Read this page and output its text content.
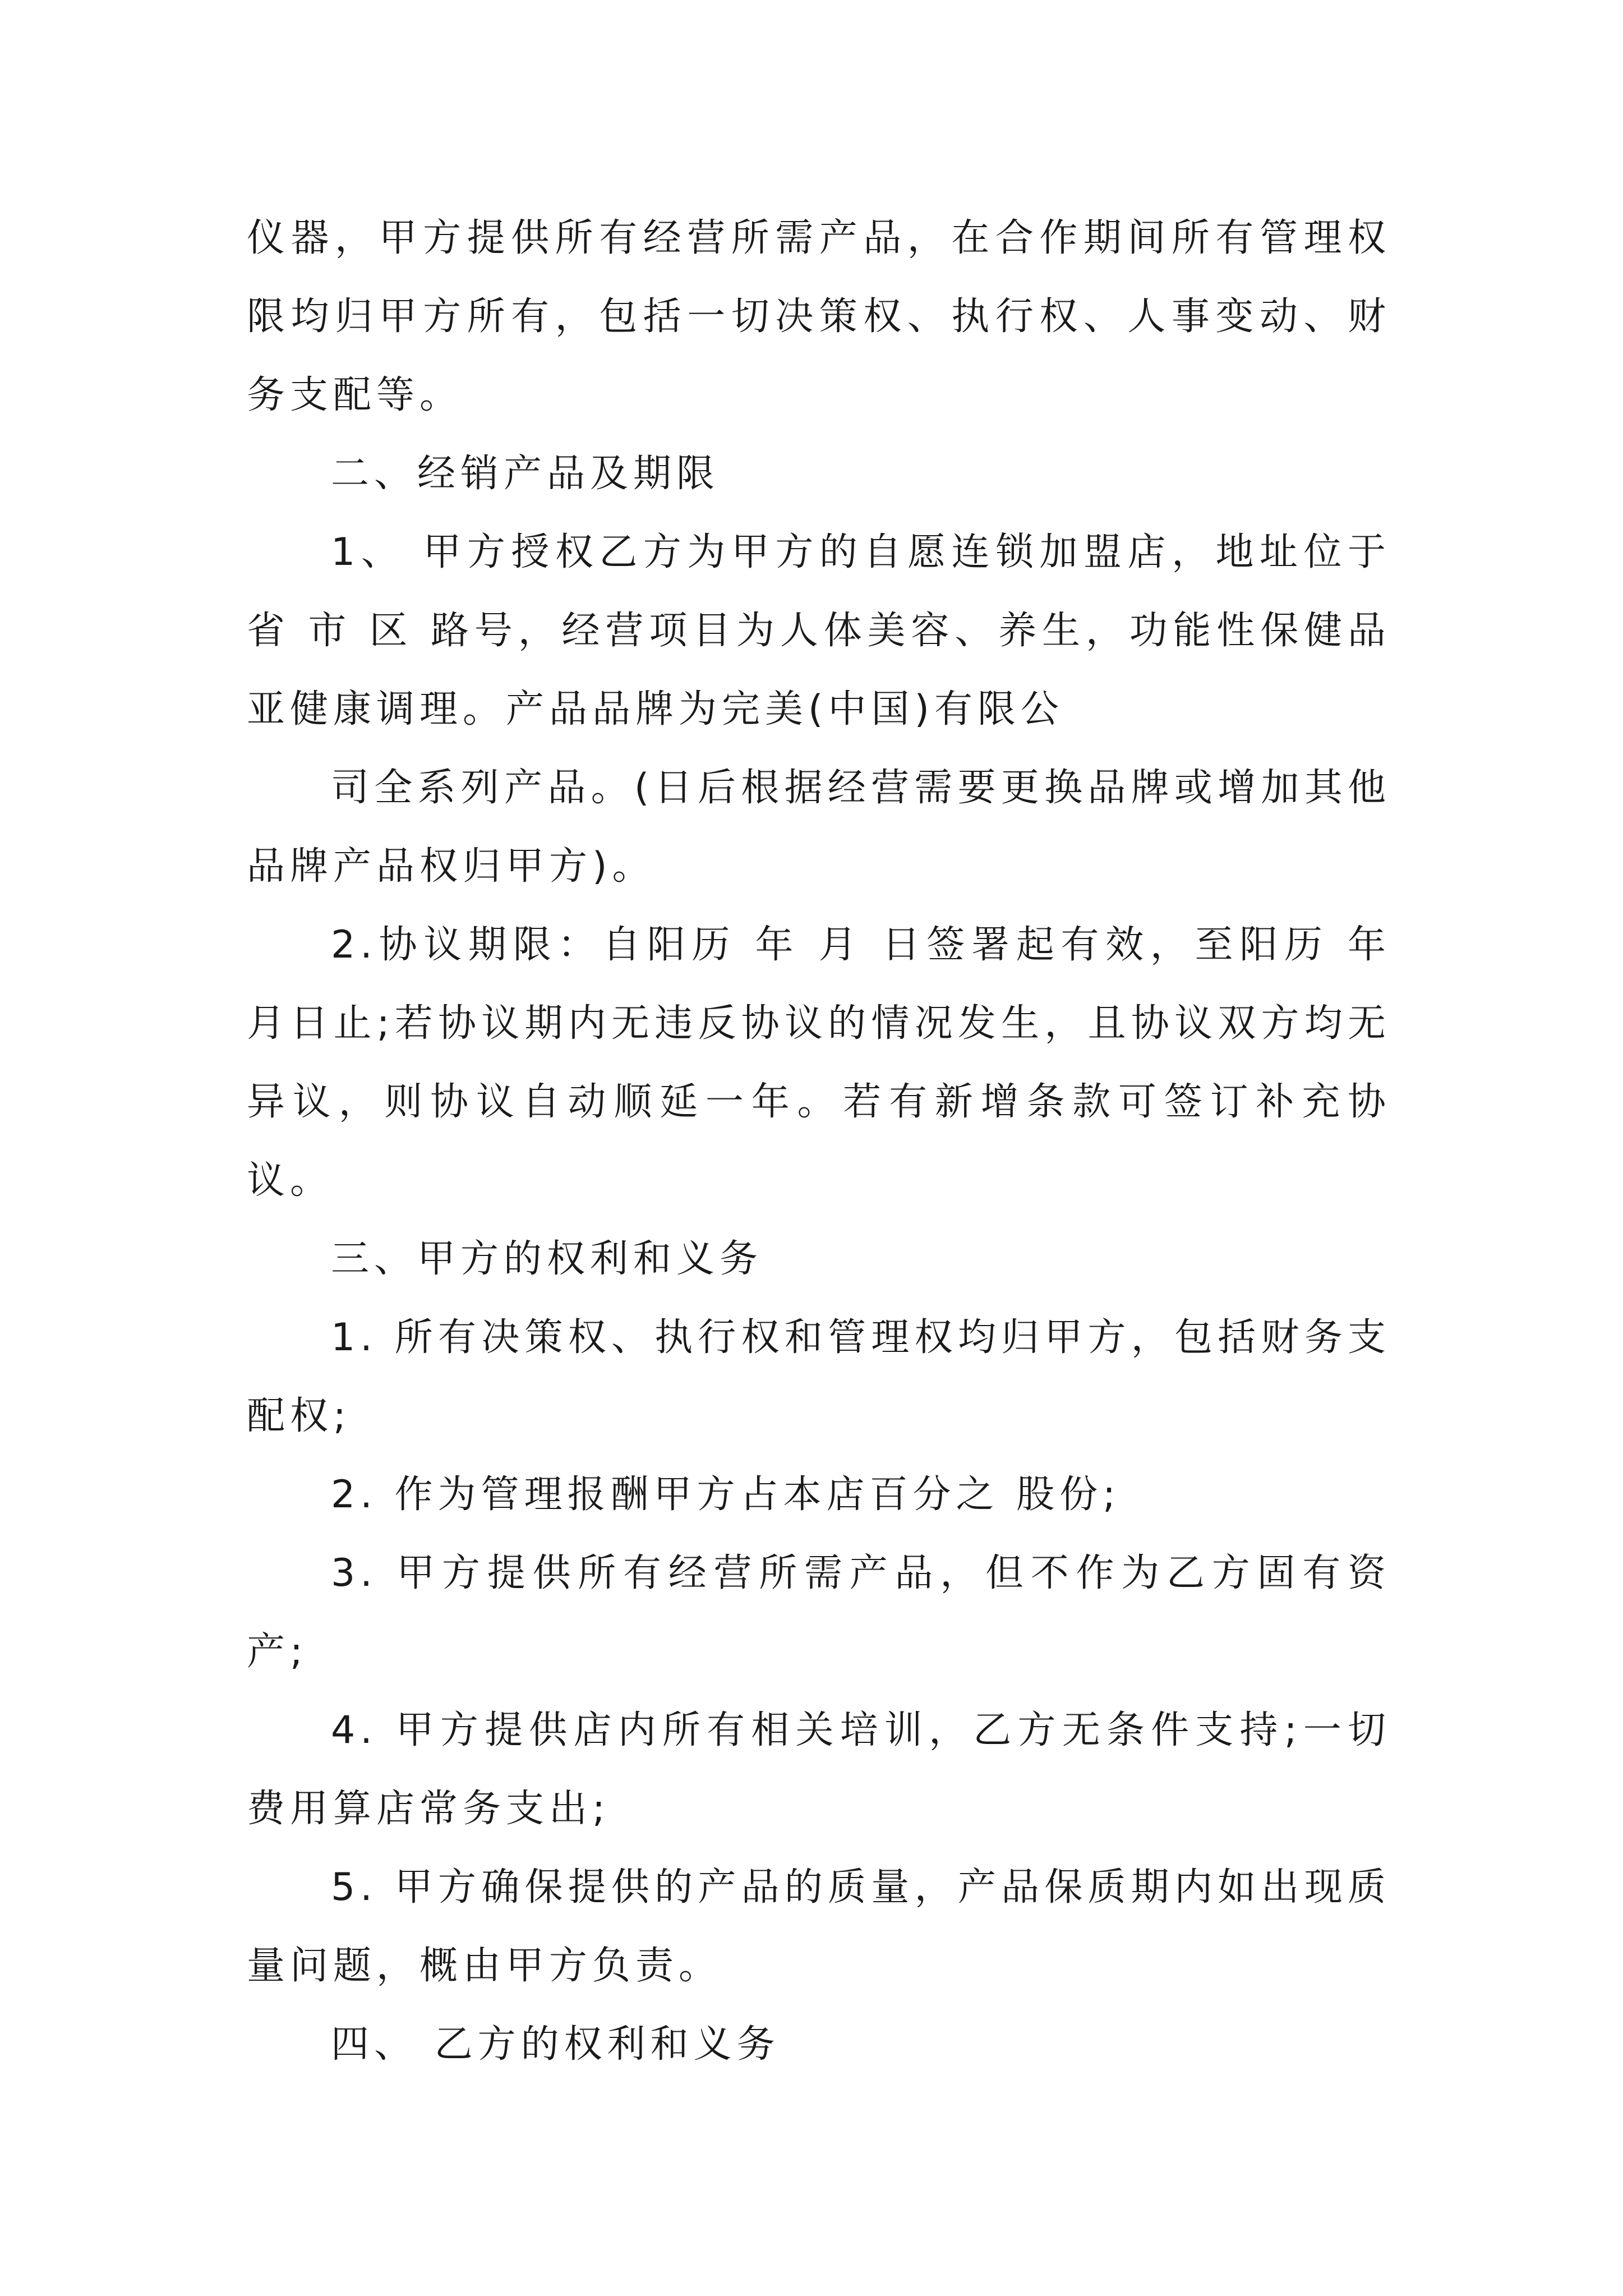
仪器，甲方提供所有经营所需产品，在合作期间所有管理权限均归甲方所有，包括一切决策权、执行权、人事变动、财务支配等。

二、经销产品及期限

1、 甲方授权乙方为甲方的自愿连锁加盟店，地址位于省 市 区 路号，经营项目为人体美容、养生，功能性保健品亚健康调理。产品品牌为完美(中国)有限公

司全系列产品。(日后根据经营需要更换品牌或增加其他品牌产品权归甲方)。

2.协议期限：自阳历 年 月 日签署起有效，至阳历 年月日止;若协议期内无违反协议的情况发生，且协议双方均无异议，则协议自动顺延一年。若有新增条款可签订补充协议。

三、甲方的权利和义务

1. 所有决策权、执行权和管理权均归甲方，包括财务支配权;

2. 作为管理报酬甲方占本店百分之 股份;

3. 甲方提供所有经营所需产品，但不作为乙方固有资产;

4. 甲方提供店内所有相关培训，乙方无条件支持;一切费用算店常务支出;

5. 甲方确保提供的产品的质量，产品保质期内如出现质量问题，概由甲方负责。

四、 乙方的权利和义务
